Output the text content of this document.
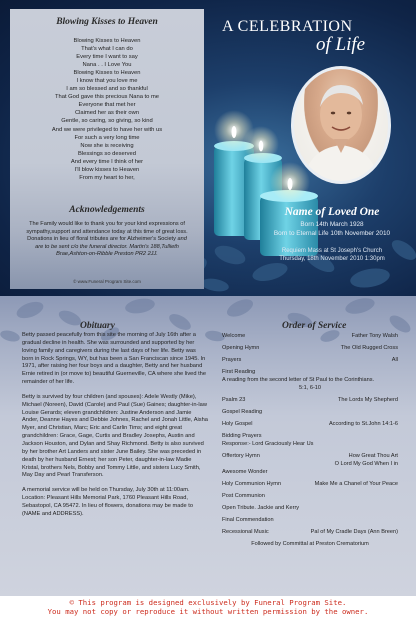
Blowing Kisses to Heaven
Blowing Kisses to Heaven
That's what I can do
Every time I want to say
Nana . . I Love You
Blowing Kisses to Heaven
I know that you love me
I am so blessed and so thankful
That God gave this precious Nana to me
Everyone that met her
Claimed her as their own
Gentle, so caring, so giving, so kind
And we were privileged to have her with us
For such a very long time
Now she is receiving
Blessings so deserved
And every time I think of her
I'll blow kisses to Heaven
From my heart to her,
Acknowledgements
The Family would like to thank you for your kind expressions of sympathy,support and attendance today at this time of great loss. Donations in lieu of floral tributes are for Alzheimer's Society and are to be sent c/o the funeral director. Martin's 188,Tullieth Brae,Ashton-on-Ribble Preston PR2 2JJ.
© www.Funeral Program Site.com
A CELEBRATION
of Life
Name of Loved One
Born 14th March 1928
Born to Eternal Life 10th November 2010
Requiem Mass at St Joseph's Church
Thursday, 18th November 2010 1:30pm
Obituary	Order of Service

Betty passed peacefully from this site the morning of July 16th after a gradual decline in health. She was surrounded and supported by her loving family and caregivers during the last days of her life. Betty was born in Rock Springs, WY, but has been a San Franciscan since 1945. In 1971, after raising her four boys and a daughter, Betty and her husband Ernie retired in (or move to) beautiful Guerneville, CA where she lived the remainder of her life.

Betty is survived by four children (and spouses): Adele Westly (Mike), Michael (Noreen), David (Carole) and Paul (Sue) Gaines; daughter-in-law Louise Gerards; eleven grandchildren: Justine Anderson and Jamie Ander, Deanne Hayes and Debbie Johnes, Rachel and Jonah Little, Aisha Myer, and Christian, Marc; Eric and Carlin Tims; and eight great grandchildren: Grace, Gage, Curtis and Bradley Josephs, Austin and Jackson Houston, and Dylan and Shay Richmond. Betty is also survived by her brother Art Landers and sister June Bailey. She was preceded in death by her husband Ernest; her son Peter, daughter-in-law Madie Kristal, brothers Nels, Bobby and Tommy Little, and sisters Lucy Smith, May Day and Pearl Transferson.

A memorial service will be held on Thursday, July 30th at 11:00am. Location: Pleasant Hills Memorial Park, 1760 Pleasant Hills Road, Sebastopol, CA 95472. In lieu of flowers, donations may be made to (NAME and ADDRESS).

Welcome	Father Tony Walsh
Opening Hymn	The Old Rugged Cross
Prayers	All
First Reading
A reading from the second letter of St Paul to the Corinthians.
5:1, 6-10
Psalm 23	The Lords My Shepherd
Gospel Reading
Holy Gospel	According to St.John 14:1-6
Bidding Prayers
Response:- Lord Graciously Hear Us
Offertory Hymn	How Great Thou Art
O Lord My God When I in
Awesome Wonder
Holy Communion Hymn	Make Me a Chanel of Your Peace
Post Communion
Open Tribute. Jackie and Kerry
Final Commendation
Recessional Music	Pal of My Cradle Days (Ann Breen)
Followed by Committal at Preston Crematorium
© This program is designed exclusively by Funeral Program Site.
You may not copy or reproduce it without written permission by the owner.
